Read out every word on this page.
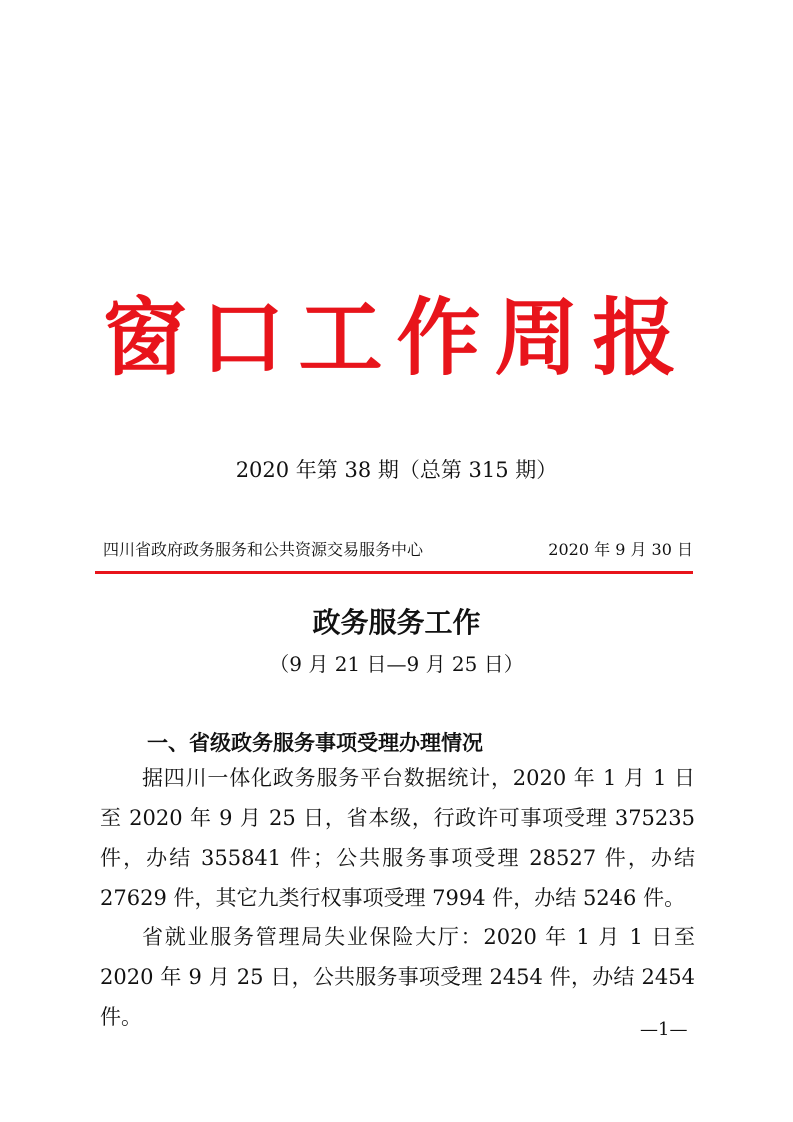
窗口工作周报
2020 年第 38 期（总第 315 期）
四川省政府政务服务和公共资源交易服务中心	2020 年 9 月 30 日
政务服务工作
（9 月 21 日—9 月 25 日）
一、省级政务服务事项受理办理情况

据四川一体化政务服务平台数据统计，2020 年 1 月 1 日至 2020 年 9 月 25 日，省本级，行政许可事项受理 375235 件，办结 355841 件；公共服务事项受理 28527 件，办结 27629 件，其它九类行权事项受理 7994 件，办结 5246 件。

省就业服务管理局失业保险大厅：2020 年 1 月 1 日至 2020 年 9 月 25 日，公共服务事项受理 2454 件，办结 2454 件。

—1—
